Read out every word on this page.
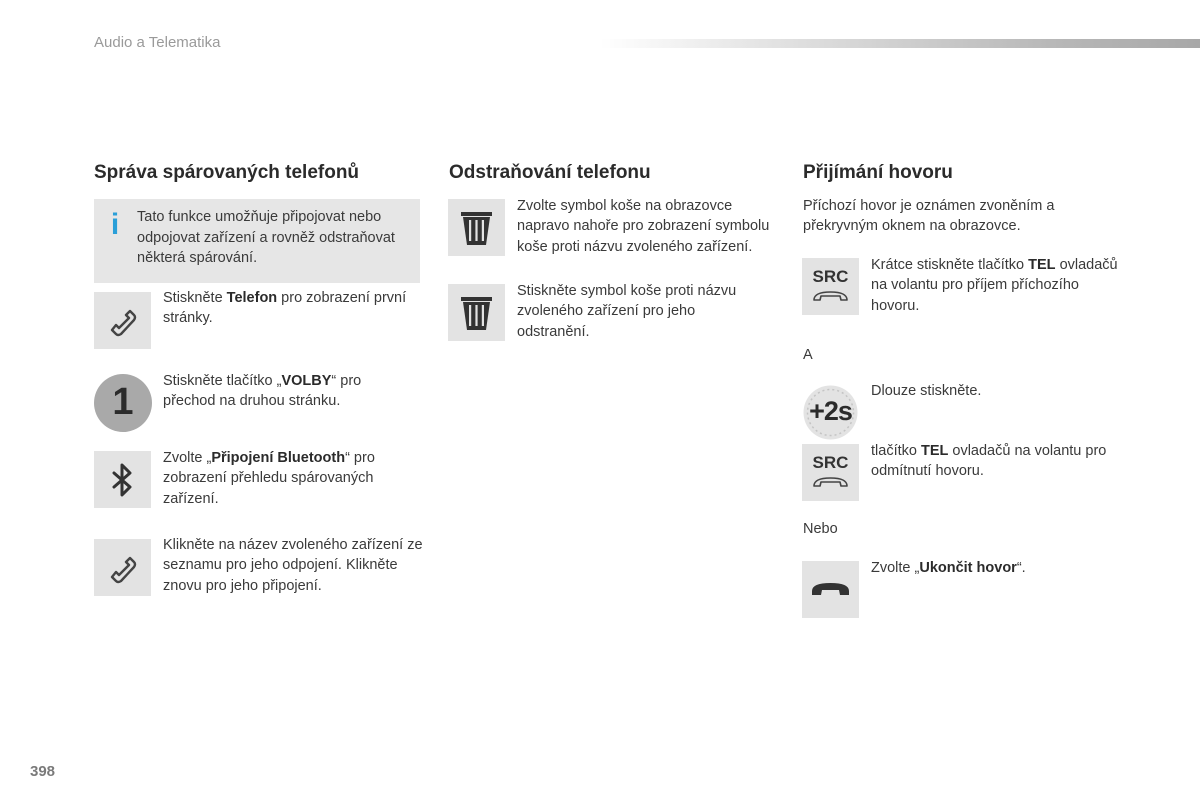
Audio a Telematika
Správa spárovaných telefonů
i	Tato funkce umožňuje připojovat nebo odpojovat zařízení a rovněž odstraňovat některá spárování.
Stiskněte Telefon pro zobrazení první stránky.
1	Stiskněte tlačítko „VOLBY“ pro přechod na druhou stránku.
Zvolte „Připojení Bluetooth“ pro zobrazení přehledu spárovaných zařízení.
Klikněte na název zvoleného zařízení ze seznamu pro jeho odpojení. Klikněte znovu pro jeho připojení.
Odstraňování telefonu
Zvolte symbol koše na obrazovce napravo nahoře pro zobrazení symbolu koše proti názvu zvoleného zařízení.
Stiskněte symbol koše proti názvu zvoleného zařízení pro jeho odstranění.
Přijímání hovoru
Příchozí hovor je oznámen zvoněním a překryvným oknem na obrazovce.
SRC
Krátce stiskněte tlačítko TEL ovladačů na volantu pro příjem příchozího hovoru.
A
+2s
Dlouze stiskněte.
SRC
tlačítko TEL ovladačů na volantu pro odmítnutí hovoru.
Nebo
Zvolte „Ukončit hovor“.
398
